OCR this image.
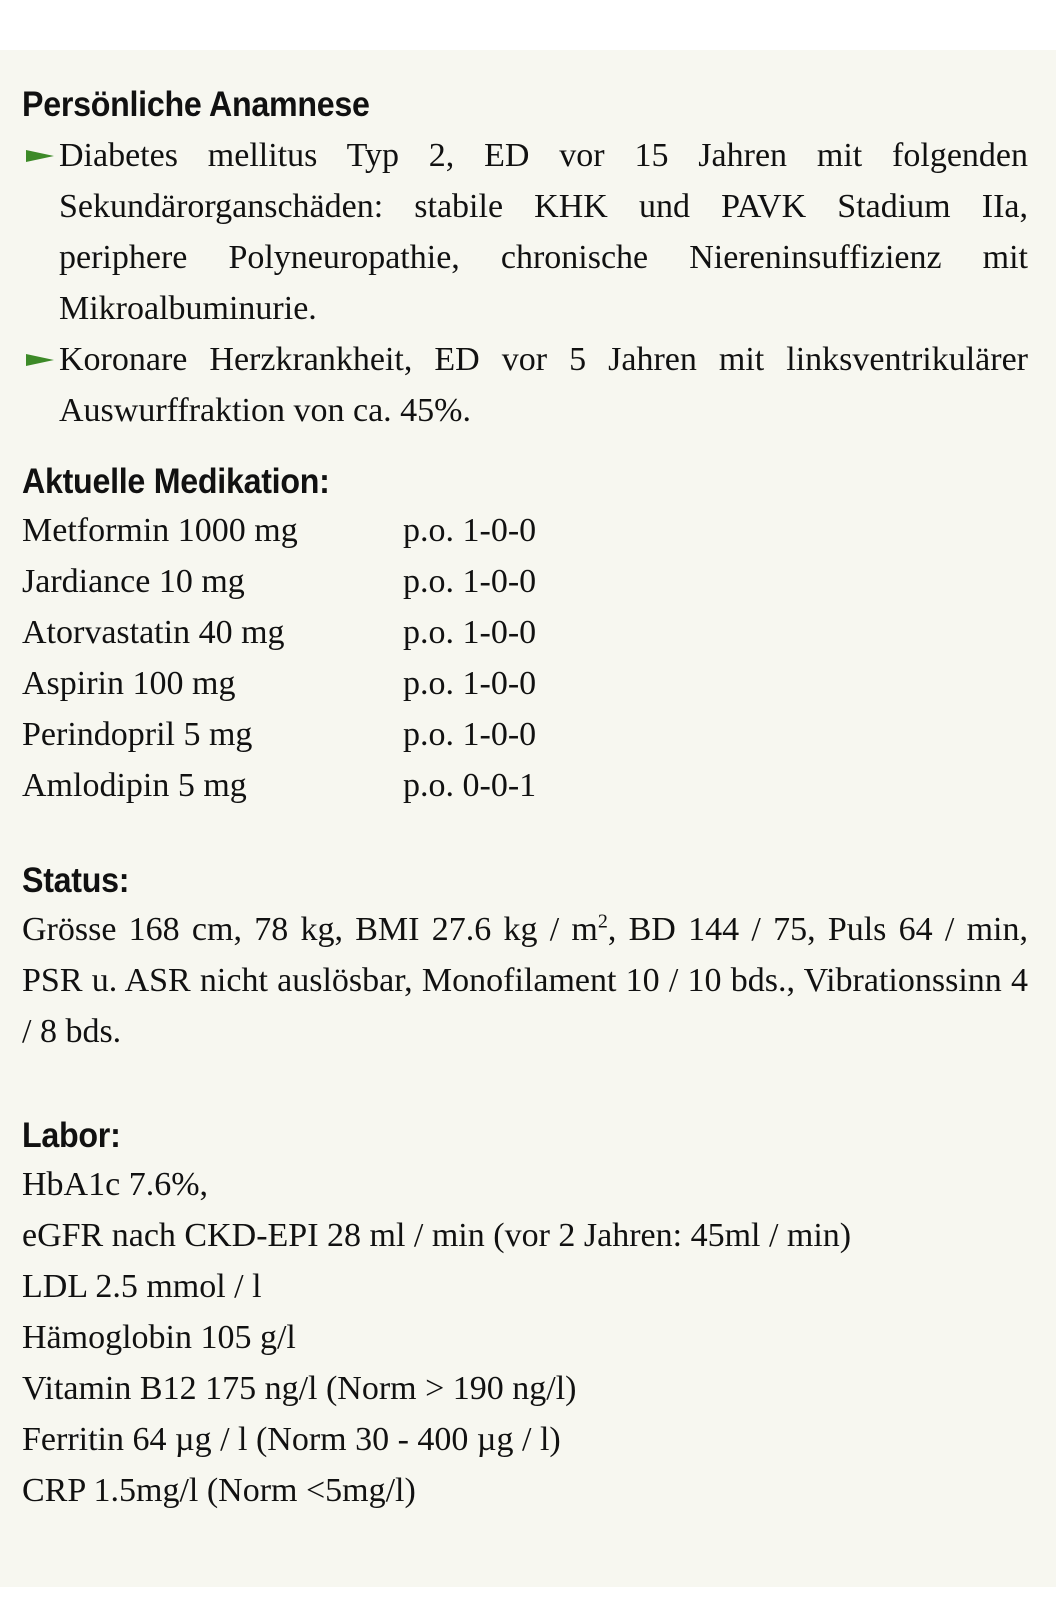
Persönliche Anamnese

Diabetes mellitus Typ 2, ED vor 15 Jahren mit folgenden Sekundärorganschäden: stabile KHK und PAVK Stadium IIa, periphere Polyneuropathie, chronische Niereninsuffizienz mit Mikroalbuminurie.

Koronare Herzkrankheit, ED vor 5 Jahren mit linksventrikulärer Auswurffraktion von ca. 45%.

Aktuelle Medikation:
Metformin 1000 mg	p.o. 1-0-0
Jardiance 10 mg	p.o. 1-0-0
Atorvastatin 40 mg	p.o. 1-0-0
Aspirin 100 mg	p.o. 1-0-0
Perindopril 5 mg	p.o. 1-0-0
Amlodipin 5 mg	p.o. 0-0-1
Status:

Grösse 168 cm, 78 kg, BMI 27.6 kg / $m^2$, BD 144 / 75, Puls 64 / min, PSR u. ASR nicht auslösbar, Monofilament 10 / 10 bds., Vibrationssinn 4 / 8 bds.

Labor:

HbA1c 7.6%,

eGFR nach CKD-EPI 28 ml / min (vor 2 Jahren: 45ml / min)

LDL 2.5 mmol / l

Hämoglobin 105 g/l

Vitamin B12 175 ng/l (Norm > 190 ng/l)

Ferritin 64 µg / l (Norm 30 - 400 µg / l)

CRP 1.5mg/l (Norm <5mg/l)
